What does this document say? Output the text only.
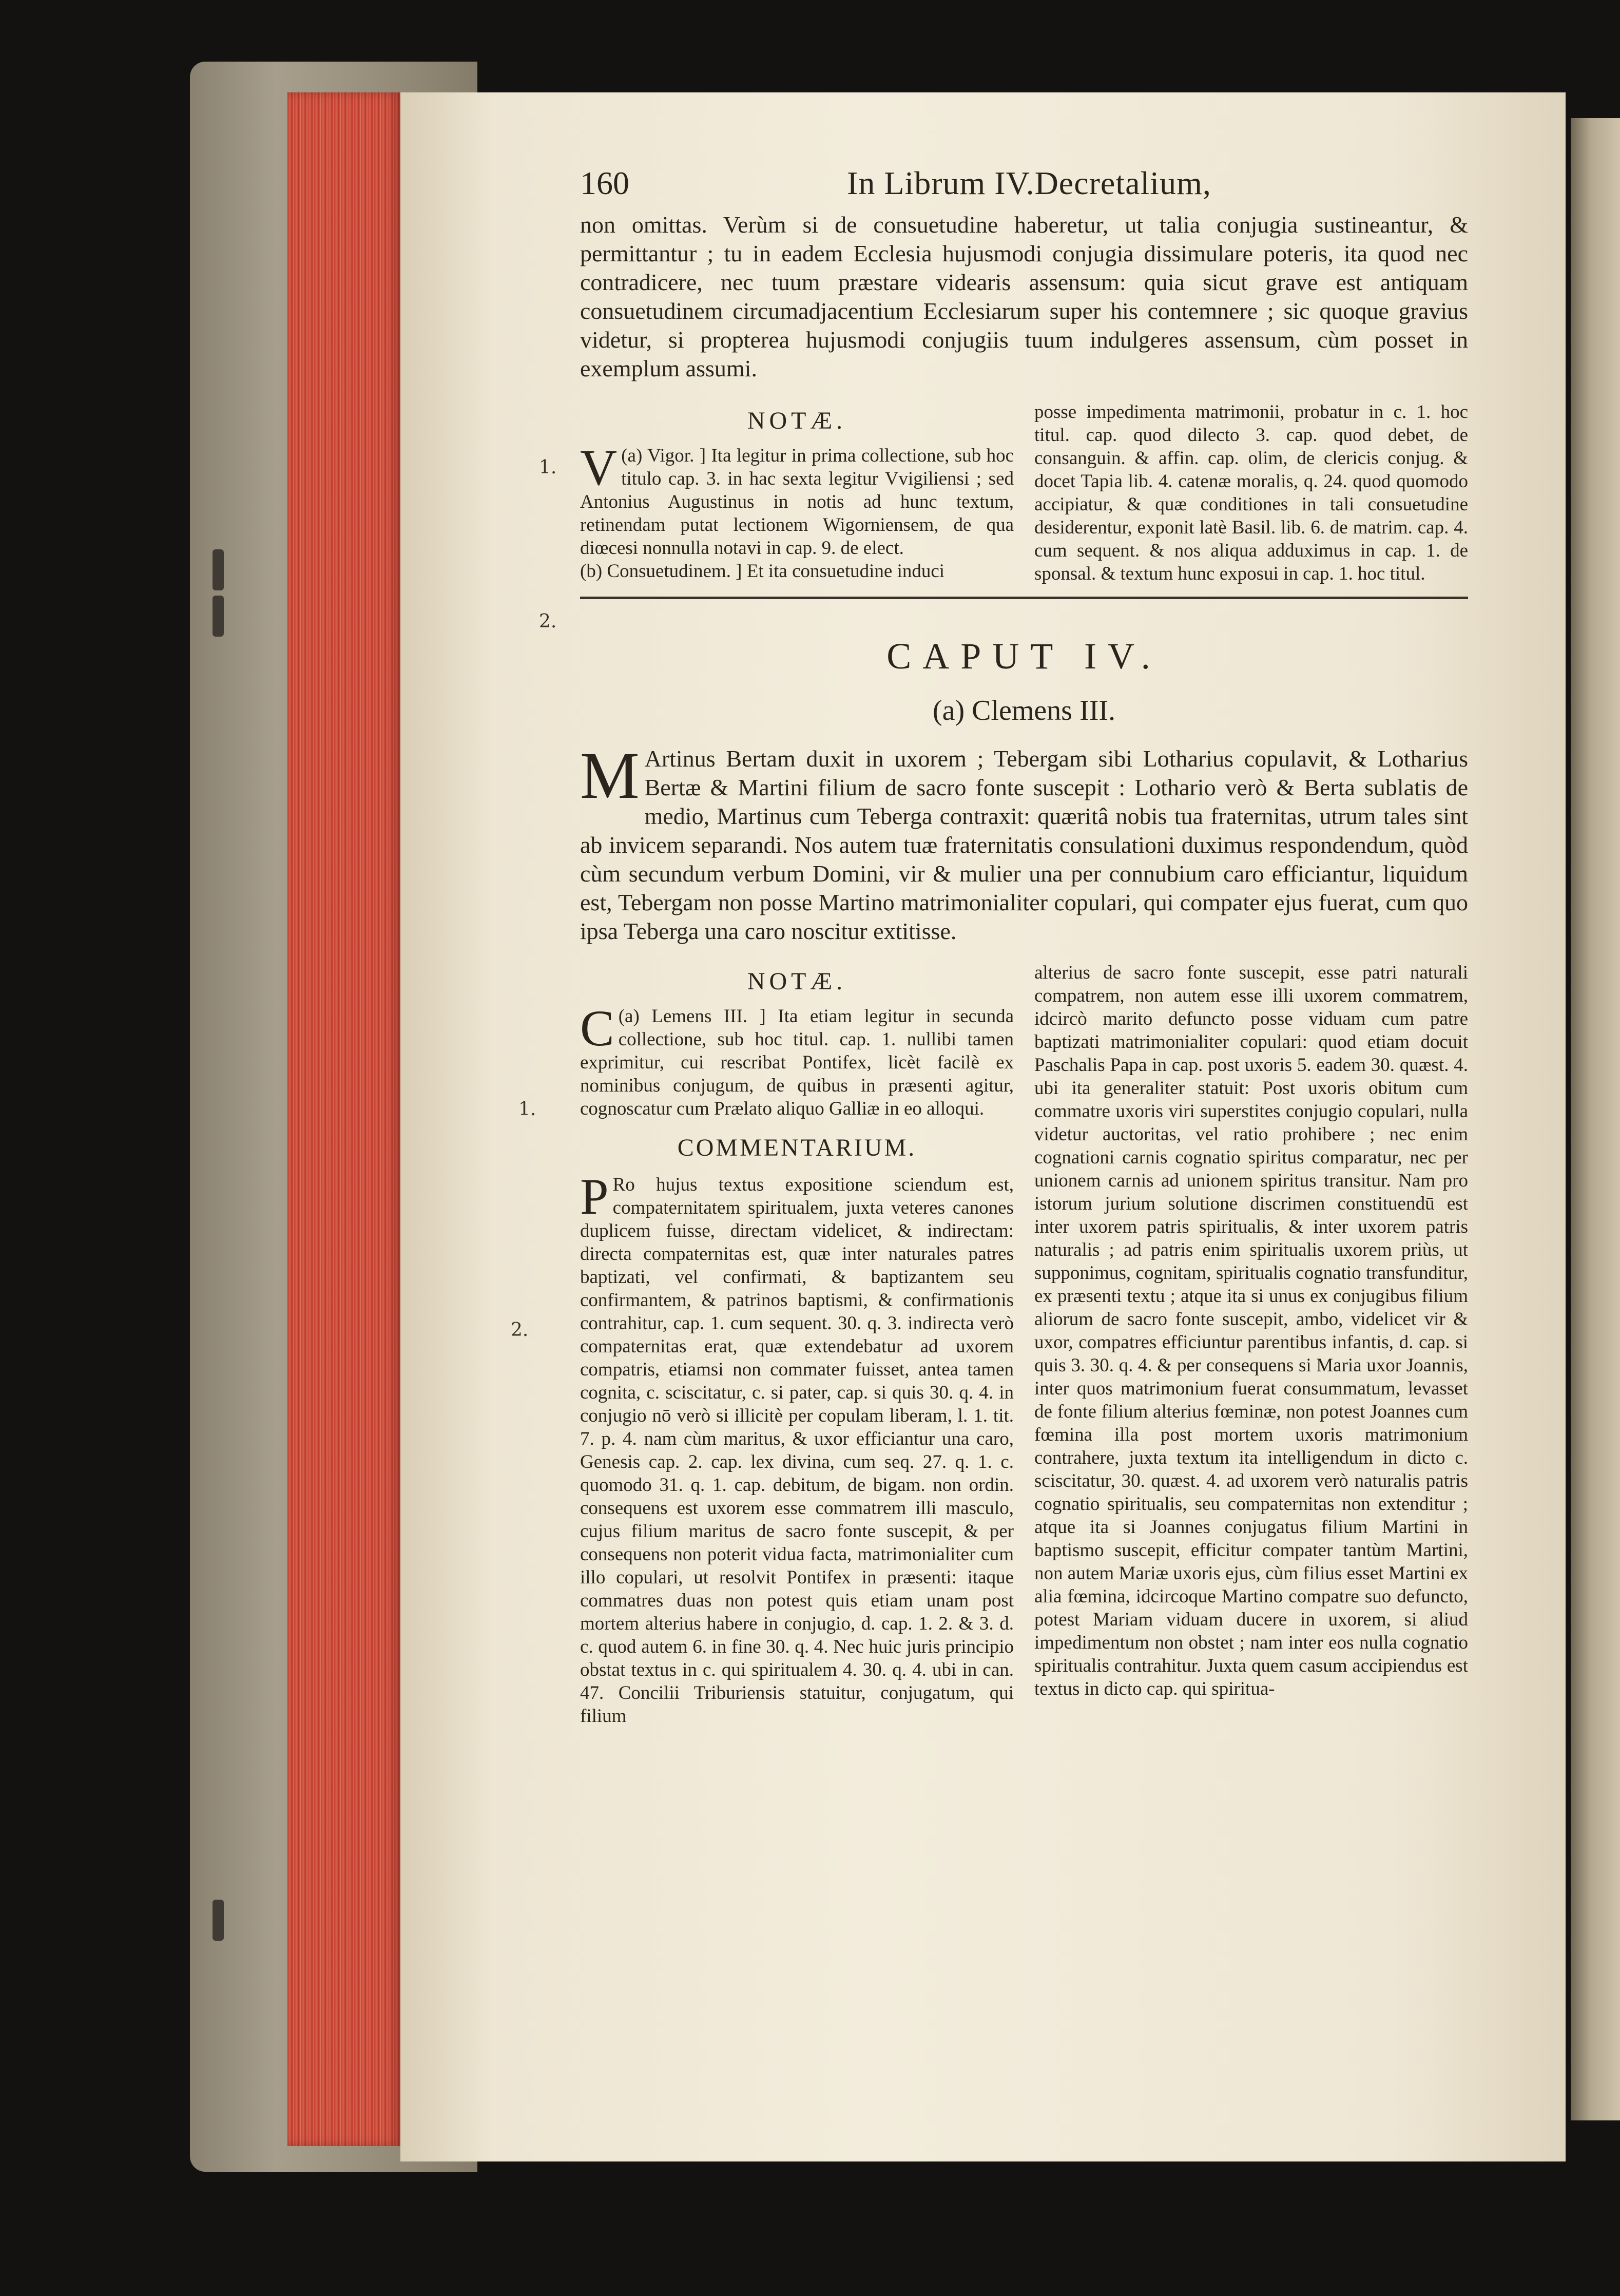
1.
2.
1.
2.
160	In Librum IV.Decretalium,

non omittas. Verùm si de consuetudine haberetur, ut talia conjugia sustineantur, & permittantur ; tu in eadem Ecclesia hujusmodi conjugia dissimulare poteris, ita quod nec contradicere, nec tuum præstare videaris assensum: quia sicut grave est antiquam consuetudinem circumadjacentium Ecclesiarum super his contemnere ; sic quoque gravius videtur, si propterea hujusmodi conjugiis tuum indulgeres assensum, cùm posset in exemplum assumi.

NOTÆ.
V (a) Vigor. ] Ita legitur in prima collectione, sub hoc titulo cap. 3. in hac sexta legitur Vvigiliensi ; sed Antonius Augustinus in notis ad hunc textum, retinendam putat lectionem Wigorniensem, de qua diœcesi nonnulla notavi in cap. 9. de elect.

(b) Consuetudinem. ] Et ita consuetudine induci

posse impedimenta matrimonii, probatur in c. 1. hoc titul. cap. quod dilecto 3. cap. quod debet, de consanguin. & affin. cap. olim, de clericis conjug. & docet Tapia lib. 4. catenæ moralis, q. 24. quod quomodo accipiatur, & quæ conditiones in tali consuetudine desiderentur, exponit latè Basil. lib. 6. de matrim. cap. 4. cum sequent. & nos aliqua adduximus in cap. 1. de sponsal. & textum hunc exposui in cap. 1. hoc titul.

CAPUT IV.
(a) Clemens III.
M Artinus Bertam duxit in uxorem ; Tebergam sibi Lotharius copulavit, & Lotharius Bertæ & Martini filium de sacro fonte suscepit : Lothario verò & Berta sublatis de medio, Martinus cum Teberga contraxit: quæritâ nobis tua fraternitas, utrum tales sint ab invicem separandi. Nos autem tuæ fraternitatis consulationi duximus respondendum, quòd cùm secundum verbum Domini, vir & mulier una per connubium caro efficiantur, liquidum est, Tebergam non posse Martino matrimonialiter copulari, qui compater ejus fuerat, cum quo ipsa Teberga una caro noscitur extitisse.

NOTÆ.
C (a) Lemens III. ] Ita etiam legitur in secunda collectione, sub hoc titul. cap. 1. nullibi tamen exprimitur, cui rescribat Pontifex, licèt facilè ex nominibus conjugum, de quibus in præsenti agitur, cognoscatur cum Prælato aliquo Galliæ in eo alloqui.

COMMENTARIUM.
P Ro hujus textus expositione sciendum est, compaternitatem spiritualem, juxta veteres canones duplicem fuisse, directam videlicet, & indirectam: directa compaternitas est, quæ inter naturales patres baptizati, vel confirmati, & baptizantem seu confirmantem, & patrinos baptismi, & confirmationis contrahitur, cap. 1. cum sequent. 30. q. 3. indirecta verò compaternitas erat, quæ extendebatur ad uxorem compatris, etiamsi non commater fuisset, antea tamen cognita, c. sciscitatur, c. si pater, cap. si quis 30. q. 4. in conjugio nō verò si illicitè per copulam liberam, l. 1. tit. 7. p. 4. nam cùm maritus, & uxor efficiantur una caro, Genesis cap. 2. cap. lex divina, cum seq. 27. q. 1. c. quomodo 31. q. 1. cap. debitum, de bigam. non ordin. consequens est uxorem esse commatrem illi masculo, cujus filium maritus de sacro fonte suscepit, & per consequens non poterit vidua facta, matrimonialiter cum illo copulari, ut resolvit Pontifex in præsenti: itaque commatres duas non potest quis etiam unam post mortem alterius habere in conjugio, d. cap. 1. 2. & 3. d. c. quod autem 6. in fine 30. q. 4. Nec huic juris principio obstat textus in c. qui spiritualem 4. 30. q. 4. ubi in can. 47. Concilii Triburiensis statuitur, conjugatum, qui filium

alterius de sacro fonte suscepit, esse patri naturali compatrem, non autem esse illi uxorem commatrem, idcircò marito defuncto posse viduam cum patre baptizati matrimonialiter copulari: quod etiam docuit Paschalis Papa in cap. post uxoris 5. eadem 30. quæst. 4. ubi ita generaliter statuit: Post uxoris obitum cum commatre uxoris viri superstites conjugio copulari, nulla videtur auctoritas, vel ratio prohibere ; nec enim cognationi carnis cognatio spiritus comparatur, nec per unionem carnis ad unionem spiritus transitur. Nam pro istorum jurium solutione discrimen constituendū est inter uxorem patris spiritualis, & inter uxorem patris naturalis ; ad patris enim spiritualis uxorem priùs, ut supponimus, cognitam, spiritualis cognatio transfunditur, ex præsenti textu ; atque ita si unus ex conjugibus filium aliorum de sacro fonte suscepit, ambo, videlicet vir & uxor, compatres efficiuntur parentibus infantis, d. cap. si quis 3. 30. q. 4. & per consequens si Maria uxor Joannis, inter quos matrimonium fuerat consummatum, levasset de fonte filium alterius fœminæ, non potest Joannes cum fœmina illa post mortem uxoris matrimonium contrahere, juxta textum ita intelligendum in dicto c. sciscitatur, 30. quæst. 4. ad uxorem verò naturalis patris cognatio spiritualis, seu compaternitas non extenditur ; atque ita si Joannes conjugatus filium Martini in baptismo suscepit, efficitur compater tantùm Martini, non autem Mariæ uxoris ejus, cùm filius esset Martini ex alia fœmina, idcircoque Martino compatre suo defuncto, potest Mariam viduam ducere in uxorem, si aliud impedimentum non obstet ; nam inter eos nulla cognatio spiritualis contrahitur. Juxta quem casum accipiendus est textus in dicto cap. qui spiritua-
